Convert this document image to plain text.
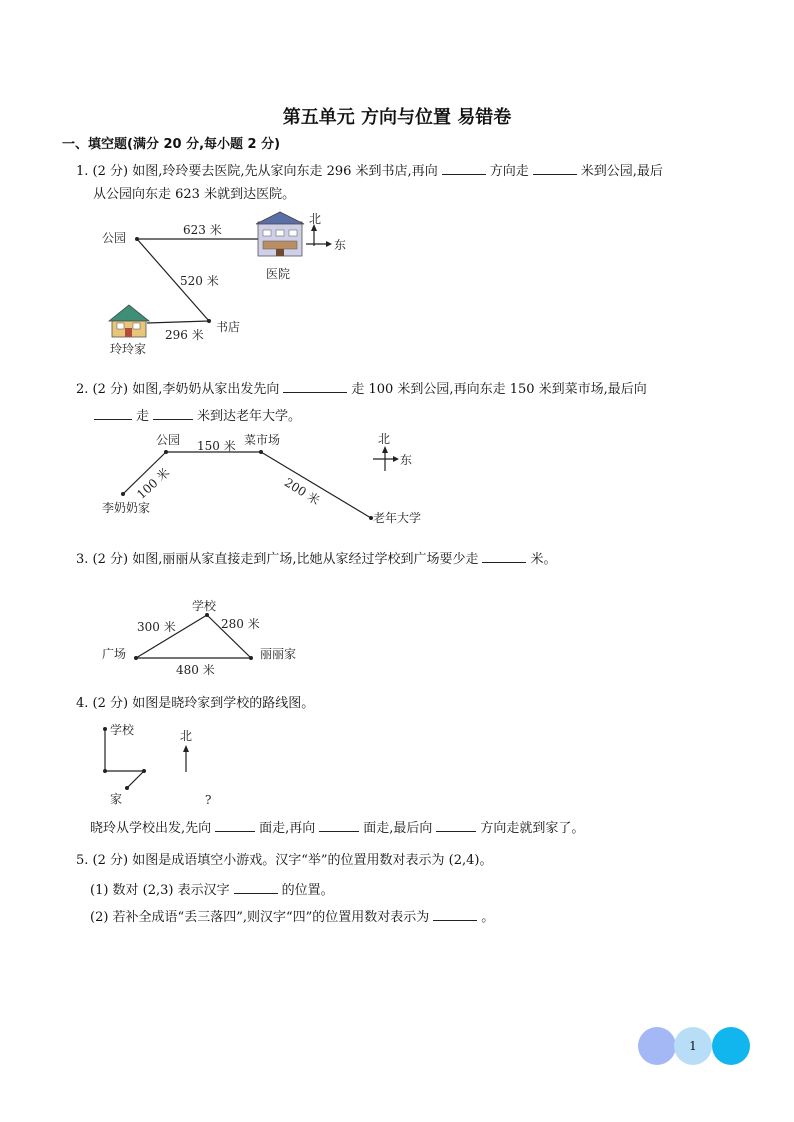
第五单元 方向与位置 易错卷
一、填空题(满分 20 分,每小题 2 分)
1. (2 分) 如图,玲玲要去医院,先从家向东走 296 米到书店,再向	方向走	米到公园,最后
从公园向东走 623 米就到达医院。
公园
623 米
520 米
296 米
书店
玲玲家
医院
北
东
2. (2 分) 如图,李奶奶从家出发先向	走 100 米到公园,再向东走 150 米到菜市场,最后向
走	米到达老年大学。
公园 150 米 菜市场
100 米	200 米
李奶奶家
老年大学
北
东
3. (2 分) 如图,丽丽从家直接走到广场,比她从家经过学校到广场要少走	米。
学校
300 米	280 米
广场	丽丽家
480 米
4. (2 分) 如图是晓玲家到学校的路线图。
学校
家
北
?
晓玲从学校出发,先向	面走,再向	面走,最后向	方向走就到家了。
5. (2 分) 如图是成语填空小游戏。汉字“举”的位置用数对表示为 (2,4)。
(1) 数对 (2,3) 表示汉字	的位置。
(2) 若补全成语“丢三落四”,则汉字“四”的位置用数对表示为	。
1
